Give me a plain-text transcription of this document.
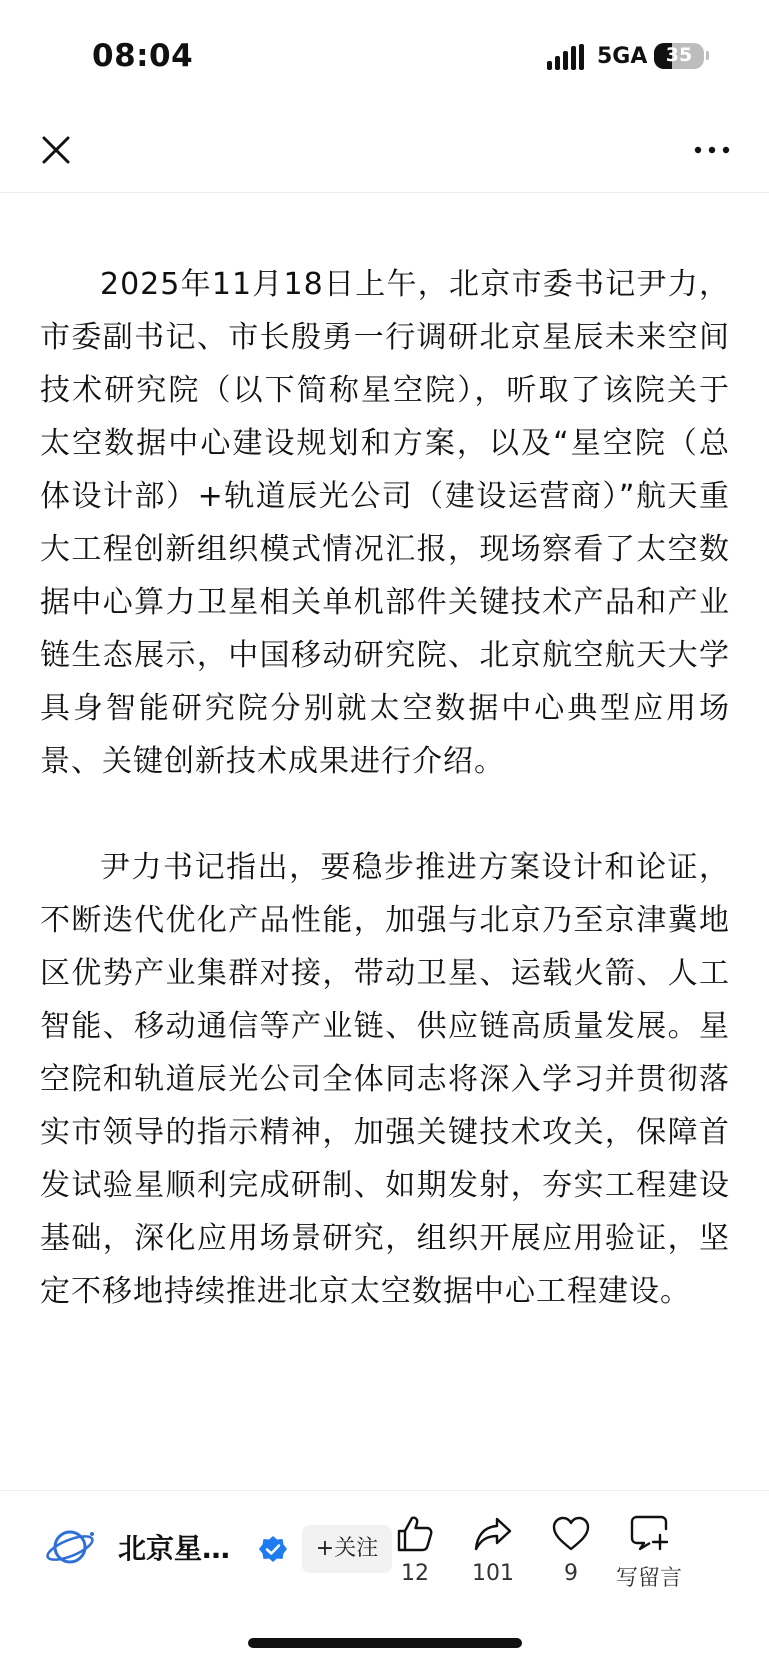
08:04	5GA 35

2025年11月18日上午，北京市委书记尹力，市委副书记、市长殷勇一行调研北京星辰未来空间技术研究院（以下简称星空院），听取了该院关于太空数据中心建设规划和方案，以及“星空院（总体设计部）+轨道辰光公司（建设运营商）”航天重大工程创新组织模式情况汇报，现场察看了太空数据中心算力卫星相关单机部件关键技术产品和产业链生态展示，中国移动研究院、北京航空航天大学具身智能研究院分别就太空数据中心典型应用场景、关键创新技术成果进行介绍。

尹力书记指出，要稳步推进方案设计和论证，不断迭代优化产品性能，加强与北京乃至京津冀地区优势产业集群对接，带动卫星、运载火箭、人工智能、移动通信等产业链、供应链高质量发展。星空院和轨道辰光公司全体同志将深入学习并贯彻落实市领导的指示精神，加强关键技术攻关，保障首发试验星顺利完成研制、如期发射，夯实工程建设基础，深化应用场景研究，组织开展应用验证，坚定不移地持续推进北京太空数据中心工程建设。

北京星…	+关注
12	101	9	写留言
